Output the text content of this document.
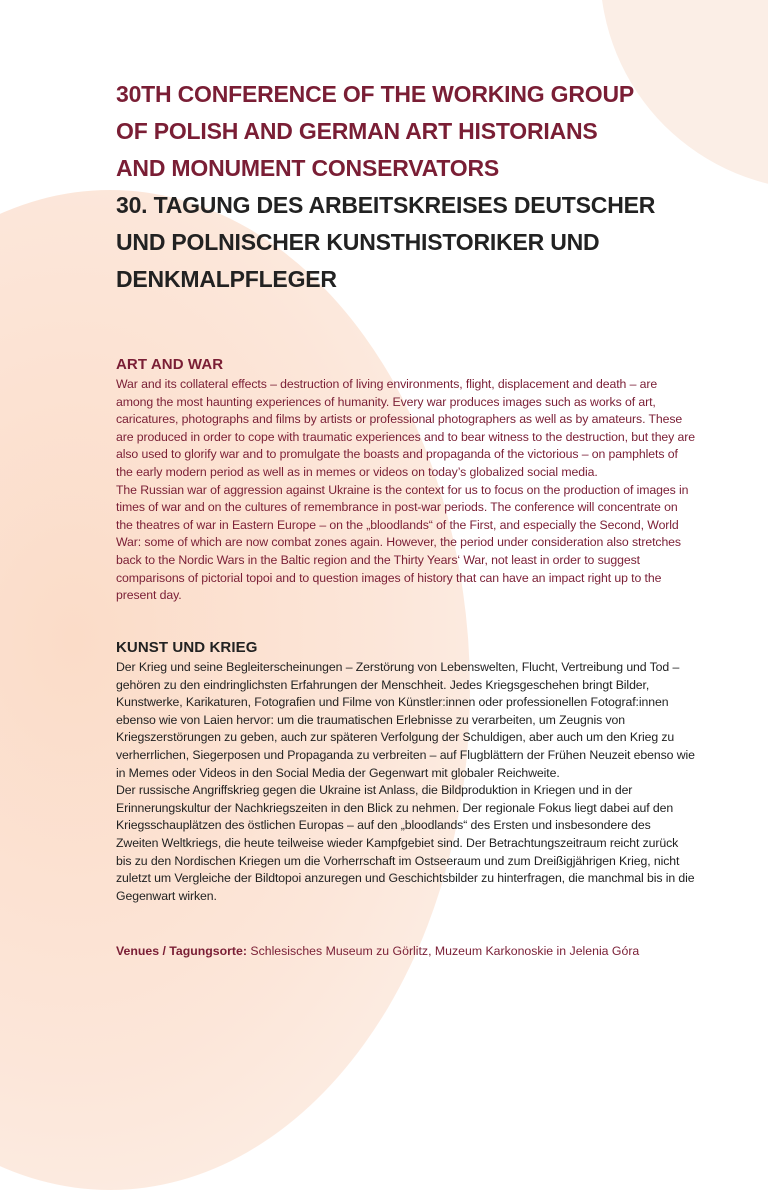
30TH CONFERENCE OF THE WORKING GROUP
OF POLISH AND GERMAN ART HISTORIANS
AND MONUMENT CONSERVATORS
30. TAGUNG DES ARBEITSKREISES DEUTSCHER
UND POLNISCHER KUNSTHISTORIKER UND
DENKMALPFLEGER
ART AND WAR

War and its collateral effects – destruction of living environments, flight, displacement and death – are among the most haunting experiences of humanity. Every war produces images such as works of art, caricatures, photographs and films by artists or professional photographers as well as by amateurs. These are produced in order to cope with traumatic experiences and to bear witness to the destruction, but they are also used to glorify war and to promulgate the boasts and propaganda of the victorious – on pamphlets of the early modern period as well as in memes or videos on today’s globalized social media.

The Russian war of aggression against Ukraine is the context for us to focus on the production of images in times of war and on the cultures of remembrance in post-war periods. The conference will concentrate on the theatres of war in Eastern Europe – on the „bloodlands“ of the First, and especially the Second, World War: some of which are now combat zones again. However, the period under consideration also stretches back to the Nordic Wars in the Baltic region and the Thirty Years‘ War, not least in order to suggest comparisons of pictorial topoi and to question images of history that can have an impact right up to the present day.

KUNST UND KRIEG

Der Krieg und seine Begleiterscheinungen – Zerstörung von Lebenswelten, Flucht, Vertreibung und Tod – gehören zu den eindringlichsten Erfahrungen der Menschheit. Jedes Kriegsgeschehen bringt Bilder, Kunstwerke, Karikaturen, Fotografien und Filme von Künstler:innen oder professionellen Fotograf:innen ebenso wie von Laien hervor: um die traumatischen Erlebnisse zu verarbeiten, um Zeugnis von Kriegszerstörungen zu geben, auch zur späteren Verfolgung der Schuldigen, aber auch um den Krieg zu verherrlichen, Siegerposen und Propaganda zu verbreiten – auf Flugblättern der Frühen Neuzeit ebenso wie in Memes oder Videos in den Social Media der Gegenwart mit globaler Reichweite.

Der russische Angriffskrieg gegen die Ukraine ist Anlass, die Bildproduktion in Kriegen und in der Erinnerungskultur der Nachkriegszeiten in den Blick zu nehmen. Der regionale Fokus liegt dabei auf den Kriegsschauplätzen des östlichen Europas – auf den „bloodlands“ des Ersten und insbesondere des Zweiten Weltkriegs, die heute teilweise wieder Kampfgebiet sind. Der Betrachtungszeitraum reicht zurück bis zu den Nordischen Kriegen um die Vorherrschaft im Ostseeraum und zum Dreißigjährigen Krieg, nicht zuletzt um Vergleiche der Bildtopoi anzuregen und Geschichtsbilder zu hinterfragen, die manchmal bis in die Gegenwart wirken.

Venues / Tagungsorte: Schlesisches Museum zu Görlitz, Muzeum Karkonoskie in Jelenia Góra
